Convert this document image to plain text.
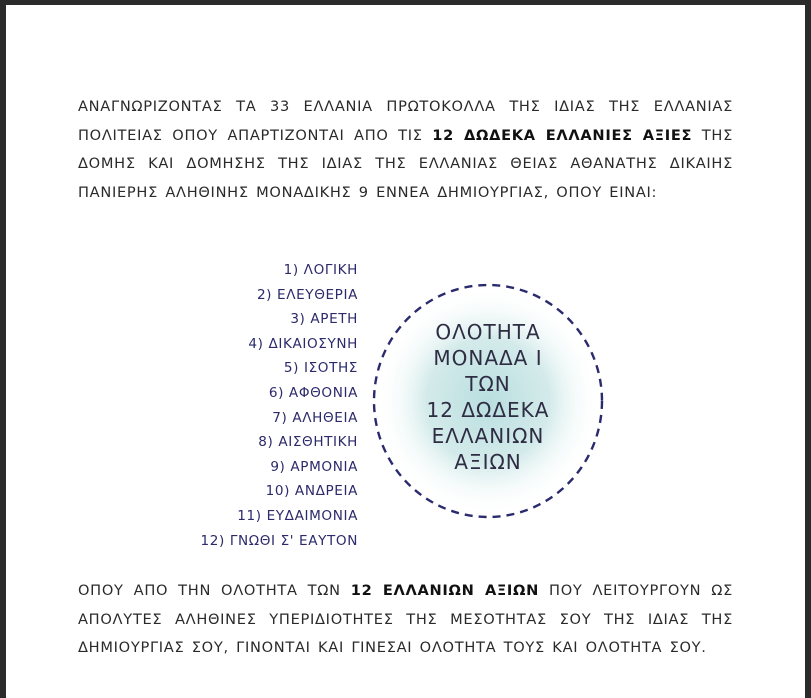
ΑΝΑΓΝΩΡΙΖΟΝΤΑΣ ΤΑ 33 ΕΛΛΑΝΙΑ ΠΡΩΤΟΚΟΛΛΑ ΤΗΣ ΙΔΙΑΣ ΤΗΣ ΕΛΛΑΝΙΑΣ ΠΟΛΙΤΕΙΑΣ ΟΠΟΥ ΑΠΑΡΤΙΖΟΝΤΑΙ ΑΠΟ ΤΙΣ 12 ΔΩΔΕΚΑ ΕΛΛΑΝΙΕΣ ΑΞΙΕΣ ΤΗΣ ΔΟΜΗΣ ΚΑΙ ΔΟΜΗΣΗΣ ΤΗΣ ΙΔΙΑΣ ΤΗΣ ΕΛΛΑΝΙΑΣ ΘΕΙΑΣ ΑΘΑΝΑΤΗΣ ΔΙΚΑΙΗΣ ΠΑΝΙΕΡΗΣ ΑΛΗΘΙΝΗΣ ΜΟΝΑΔΙΚΗΣ 9 ΕΝΝΕΑ ΔΗΜΙΟΥΡΓΙΑΣ, ΟΠΟΥ ΕΙΝΑΙ:

1) ΛΟΓΙΚΗ
2) ΕΛΕΥΘΕΡΙΑ
3) ΑΡΕΤΗ
4) ΔΙΚΑΙΟΣΥΝΗ
5) ΙΣΟΤΗΣ
6) ΑΦΘΟΝΙΑ
7) ΑΛΗΘΕΙΑ
8) ΑΙΣΘΗΤΙΚΗ
9) ΑΡΜΟΝΙΑ
10) ΑΝΔΡΕΙΑ
11) ΕΥΔΑΙΜΟΝΙΑ
12) ΓΝΩΘΙ Σ' ΕΑΥΤΟΝ
ΟΛΟΤΗΤΑ
ΜΟΝΑΔΑ Ι
ΤΩΝ
12 ΔΩΔΕΚΑ
ΕΛΛΑΝΙΩΝ
ΑΞΙΩΝ

ΟΠΟΥ ΑΠΟ ΤΗΝ ΟΛΟΤΗΤΑ ΤΩΝ 12 ΕΛΛΑΝΙΩΝ ΑΞΙΩΝ ΠΟΥ ΛΕΙΤΟΥΡΓΟΥΝ ΩΣ ΑΠΟΛΥΤΕΣ ΑΛΗΘΙΝΕΣ ΥΠΕΡΙΔΙΟΤΗΤΕΣ ΤΗΣ ΜΕΣΟΤΗΤΑΣ ΣΟΥ ΤΗΣ ΙΔΙΑΣ ΤΗΣ ΔΗΜΙΟΥΡΓΙΑΣ ΣΟΥ, ΓΙΝΟΝΤΑΙ ΚΑΙ ΓΙΝΕΣΑΙ ΟΛΟΤΗΤΑ ΤΟΥΣ ΚΑΙ ΟΛΟΤΗΤΑ ΣΟΥ.
